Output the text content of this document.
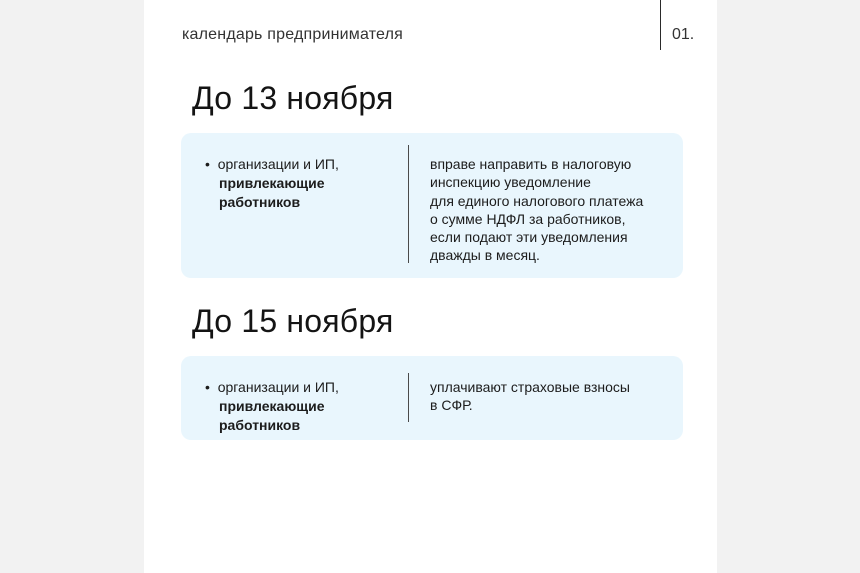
календарь предпринимателя	01.
До 13 ноября
•  организации и ИП,
привлекающие работников
вправе направить в налоговую
инспекцию уведомление
для единого налогового платежа
о сумме НДФЛ за работников,
если подают эти уведомления
дважды в месяц.
До 15 ноября
•  организации и ИП,
привлекающие работников
уплачивают страховые взносы
в СФР.
